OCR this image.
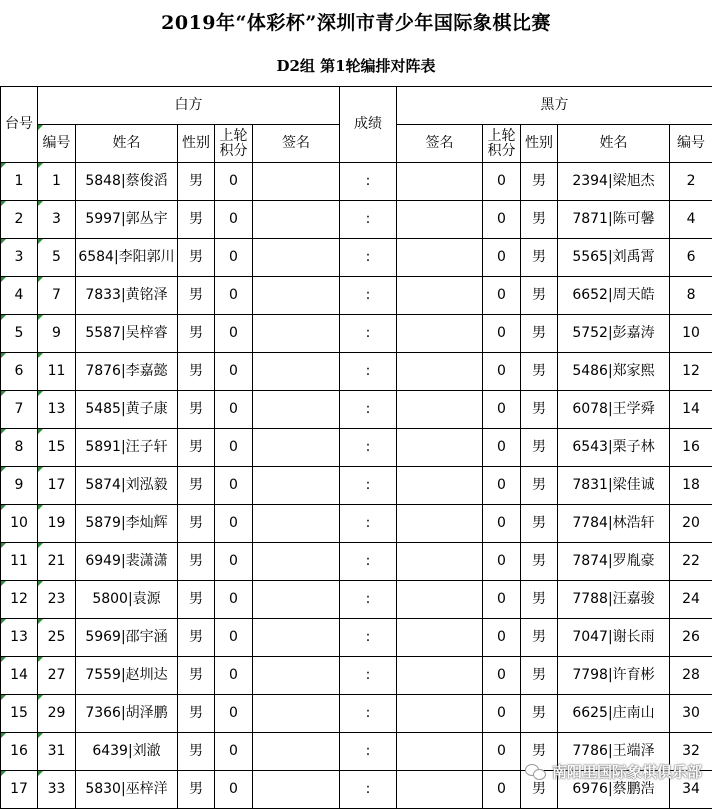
2019年“体彩杯”深圳市青少年国际象棋比赛
D2组 第1轮编排对阵表
台号	白方					成绩	黑方				
	编号	姓名	性别	上轮积分	签名		签名	上轮积分	性别	姓名	编号
1	1	5848|蔡俊滔	男	0		:		0	男	2394|梁旭杰	2
2	3	5997|郭丛宇	男	0		:		0	男	7871|陈可馨	4
3	5	6584|李阳郭川	男	0		:		0	男	5565|刘禹霄	6
4	7	7833|黄铭泽	男	0		:		0	男	6652|周天皓	8
5	9	5587|吴梓睿	男	0		:		0	男	5752|彭嘉涛	10
6	11	7876|李嘉懿	男	0		:		0	男	5486|郑家熙	12
7	13	5485|黄子康	男	0		:		0	男	6078|王学舜	14
8	15	5891|汪子轩	男	0		:		0	男	6543|栗子林	16
9	17	5874|刘泓毅	男	0		:		0	男	7831|梁佳诚	18
10	19	5879|李灿辉	男	0		:		0	男	7784|林浩轩	20
11	21	6949|裴潇潇	男	0		:		0	男	7874|罗胤豪	22
12	23	5800|袁源	男	0		:		0	男	7788|汪嘉骏	24
13	25	5969|邵宇涵	男	0		:		0	男	7047|谢长雨	26
14	27	7559|赵圳达	男	0		:		0	男	7798|许育彬	28
15	29	7366|胡泽鹏	男	0		:		0	男	6625|庄南山	30
16	31	6439|刘澈	男	0		:		0	男	7786|王端泽	32
17	33	5830|巫梓洋	男	0		:		0	男	6976|蔡鹏浩	34
南阳里国际象棋俱乐部
